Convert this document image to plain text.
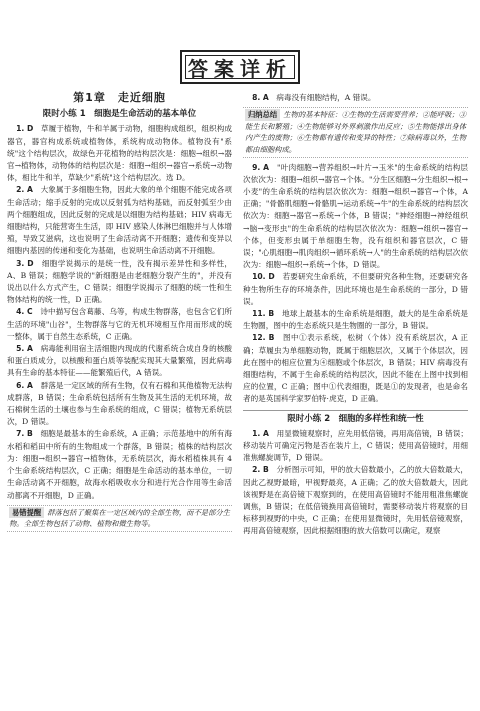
答案详析
第1章　走近细胞
限时小练 1　细胞是生命活动的基本单位
1. D　 草履于植物，牛和羊属于动物，细胞构成组织，组织构成器官，器官构成系统或植物体，系统构成动物体。植物没有"系统"这个结构层次，故绿色开花植物的结构层次是：细胞→组织→器官→植物体，动物体的结构层次是：细胞→组织→器官→系统→动物体，相比牛和羊，草缺少"系统"这个结构层次。选 D。
2. A　 大象属于多细胞生物，因此大象的单个细胞不能完成各项生命活动；缩手反射的完成以反射弧为结构基础，而反射弧至少由两个细胞组成，因此反射的完成是以细胞为结构基础；HIV 病毒无细胞结构，只能营寄生生活，即 HIV 感染人体淋巴细胞并与人体增殖，导致艾滋病，这也说明了生命活动离不开细胞；遗传和变异以细胞内基因的传递和变化为基础，也说明生命活动离不开细胞。
3. D　 细胞学说揭示的是统一性，没有揭示差异性和多样性，A、B 错误；细胞学说的"新细胞是由老细胞分裂产生的"，并没有说出以什么方式产生，C 错误；细胞学说揭示了细胞的统一性和生物体结构的统一性，D 正确。
4. C　 诗中描写包含葛藤、乌等，构成生物群落，也包含它们所生活的环境"山谷"，生物群落与它的无机环境相互作用而形成的统一整体，属于自然生态系统，C 正确。
5. A　 病毒能利用宿主活细胞内现成的代谢系统合成自身的核酸和蛋白质成分，以核酸和蛋白质等装配实现其大量繁殖，因此病毒具有生命的基本特征——能繁殖后代，A 错误。
6. A　 群落是一定区域的所有生物，仅有石棉和其他植物无法构成群落，B 错误；生命系统包括所有生物及其生活的无机环境，故石棉树生活的土壤也参与生命系统的组成，C 错误；植物无系统层次，D 错误。
7. B　 细胞是最基本的生命系统，A 正确；示范基地中的所有海水稻和稻田中所有的生物组成一个群落，B 错误；植株的结构层次为：细胞→组织→器官→植物体，无系统层次，海水稻植株具有 4 个生命系统结构层次，C 正确；细胞是生命活动的基本单位，一切生命活动离不开细胞，故海水稻吸收水分和进行光合作用等生命活动都离不开细胞，D 正确。
易错提醒 群落包括了聚集在一定区域内的全部生物，而不是部分生物。全部生物包括了动物、植物和微生物等。
8. A　 病毒没有细胞结构，A 错误。
归纳总结 生物的基本特征：①生物的生活需要营养；②能呼吸；③能生长和繁殖；④生物能够对外界刺激作出反应；⑤生物能排出身体内产生的废物；⑥生物都有遗传和变异的特性；⑦除病毒以外，生物都由细胞构成。
9. A　 "叶肉细胞→营养组织→叶片→玉米"的生命系统的结构层次依次为：细胞→组织→器官→个体。"分生区细胞→分生组织→根→小麦"的生命系统的结构层次依次为：细胞→组织→器官→个体，A 正确；"骨骼肌细胞→骨骼肌→运动系统→牛"的生命系统的结构层次依次为：细胞→器官→系统→个体，B 错误；"神经细胞→神经组织→脑→变形虫"的生命系统的结构层次依次为：细胞→组织→器官→个体，但变形虫属于单细胞生物，没有组织和器官层次，C 错误；"心肌细胞→肌肉组织→循环系统→人"的生命系统的结构层次依次为：细胞→组织→系统→个体，D 错误。
10. D　 若要研究生命系统，不但要研究各种生物，还要研究各种生物所生存的环境条件，因此环境也是生命系统的一部分，D 错误。
11. B　 地球上最基本的生命系统是细胞，最大的是生命系统是生物圈，图中的生态系统只是生物圈的一部分，B 错误。
12. B　 图中①表示系统，松树（个体）没有系统层次，A 正确；草履虫为单细胞动物，既属于细胞层次，又属于个体层次，因此在图中的相应位置为④细胞或个体层次，B 错误；HIV 病毒没有细胞结构，不属于生命系统的结构层次，因此不能在上图中找到相应的位置，C 正确；图中①代表细胞，既是①的发现者，也是命名者的是英国科学家罗伯特·虎克，D 正确。
限时小练 2　细胞的多样性和统一性
1. A　 用显微镜观察时，应先用低倍镜，再用高倍镜，B 错误；移动装片可确定污物是否在装片上，C 错误；使用高倍镜时，用细准焦螺旋调节，D 错误。
2. B　 分析图示可知，甲的放大倍数最小，乙的放大倍数最大，因此乙视野最暗，甲视野最亮，A 正确；乙的放大倍数最大，因此该视野是在高倍镜下观察到的，在使用高倍镜时不能用粗准焦螺旋调焦，B 错误；在低倍镜换用高倍镜时，需要移动装片将观察的目标移到视野的中央，C 正确；在使用显微镜时，先用低倍镜观察，再用高倍镜观察，因此根据细胞的放大倍数可以确定，观察
